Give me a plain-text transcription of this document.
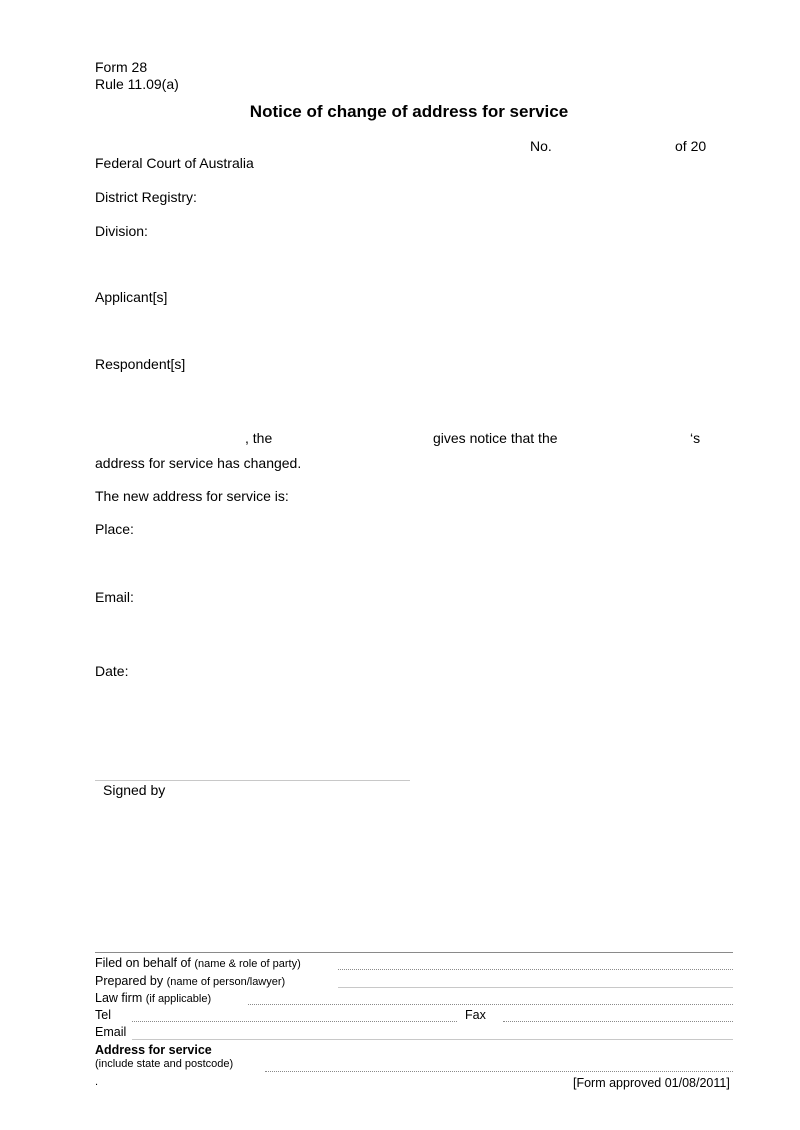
Form 28
Rule 11.09(a)
Notice of change of address for service
No.	of 20
Federal Court of Australia
District Registry:
Division:
Applicant[s]
Respondent[s]
, the	gives notice that the	‘s
address for service has changed.
The new address for service is:
Place:
Email:
Date:
Signed by
Filed on behalf of (name & role of party)
Prepared by (name of person/lawyer)
Law firm (if applicable)
Tel	Fax
Email
Address for service
(include state and postcode)
.	[Form approved 01/08/2011]
